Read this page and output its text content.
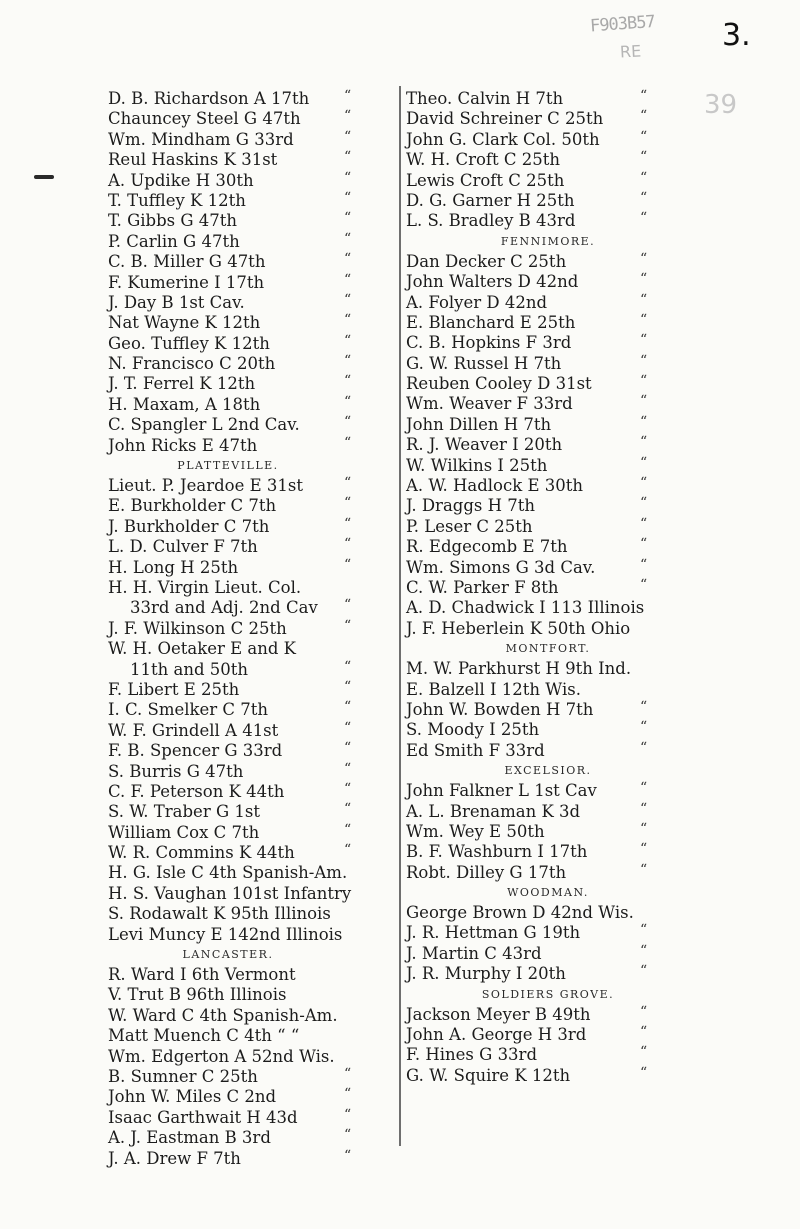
F903B57
RE	3.
39
D. B. Richardson A 17th “
Chauncey Steel G 47th	“
Wm. Mindham G 33rd	“
Reul Haskins K 31st	“
A. Updike H 30th	“
T. Tuffley K 12th	“
T. Gibbs G 47th	“
P. Carlin G 47th	“
C. B. Miller G 47th	“
F. Kumerine I 17th	“
J. Day B 1st Cav.	“
Nat Wayne K 12th	“
Geo. Tuffley K 12th	“
N. Francisco C 20th	“
J. T. Ferrel K 12th	“
H. Maxam, A 18th	“
C. Spangler L 2nd Cav.	“
John Ricks E 47th	“
PLATTEVILLE.
Lieut. P. Jeardoe E 31st	“
E. Burkholder C 7th	“
J. Burkholder C 7th	“
L. D. Culver F 7th	“
H. Long H 25th	“
H. H. Virgin Lieut. Col.
33rd and Adj. 2nd Cav “
J. F. Wilkinson C 25th	“
W. H. Oetaker E and K
11th and 50th	“
F. Libert E 25th	“
I. C. Smelker C 7th	“
W. F. Grindell A 41st	“
F. B. Spencer G 33rd	“
S. Burris G 47th	“
C. F. Peterson K 44th	“
S. W. Traber G 1st	“
William Cox C 7th	“
W. R. Commins K 44th	“
H. G. Isle C 4th Spanish-Am.
H. S. Vaughan 101st Infantry
S. Rodawalt K 95th Illinois
Levi Muncy E 142nd Illinois
LANCASTER.
R. Ward I 6th Vermont
V. Trut B 96th Illinois
W. Ward C 4th Spanish-Am.
Matt Muench C 4th “ “
Wm. Edgerton A 52nd Wis.
B. Sumner C 25th	“
John W. Miles C 2nd	“
Isaac Garthwait H 43d	“
A. J. Eastman B 3rd	“
J. A. Drew F 7th	“
Theo. Calvin H 7th	“
David Schreiner C 25th	“
John G. Clark Col. 50th	“
W. H. Croft C 25th	“
Lewis Croft C 25th	“
D. G. Garner H 25th	“
L. S. Bradley B 43rd	“
FENNIMORE.
Dan Decker C 25th	“
John Walters D 42nd	“
A. Folyer D 42nd	“
E. Blanchard E 25th	“
C. B. Hopkins F 3rd	“
G. W. Russel H 7th	“
Reuben Cooley D 31st	“
Wm. Weaver F 33rd	“
John Dillen H 7th	“
R. J. Weaver I 20th	“
W. Wilkins I 25th	“
A. W. Hadlock E 30th	“
J. Draggs H 7th	“
P. Leser C 25th	“
R. Edgecomb E 7th	“
Wm. Simons G 3d Cav.	“
C. W. Parker F 8th	“
A. D. Chadwick I 113 Illinois
J. F. Heberlein K 50th Ohio
MONTFORT.
M. W. Parkhurst H 9th Ind.
E. Balzell I 12th Wis.
John W. Bowden H 7th	“
S. Moody I 25th	“
Ed Smith F 33rd	“
EXCELSIOR.
John Falkner L 1st Cav	“
A. L. Brenaman K 3d	“
Wm. Wey E 50th	“
B. F. Washburn I 17th	“
Robt. Dilley G 17th	“
WOODMAN.
George Brown D 42nd Wis.
J. R. Hettman G 19th	“
J. Martin C 43rd	“
J. R. Murphy I 20th	“
SOLDIERS GROVE.
Jackson Meyer B 49th	“
John A. George H 3rd	“
F. Hines G 33rd	“
G. W. Squire K 12th	“
